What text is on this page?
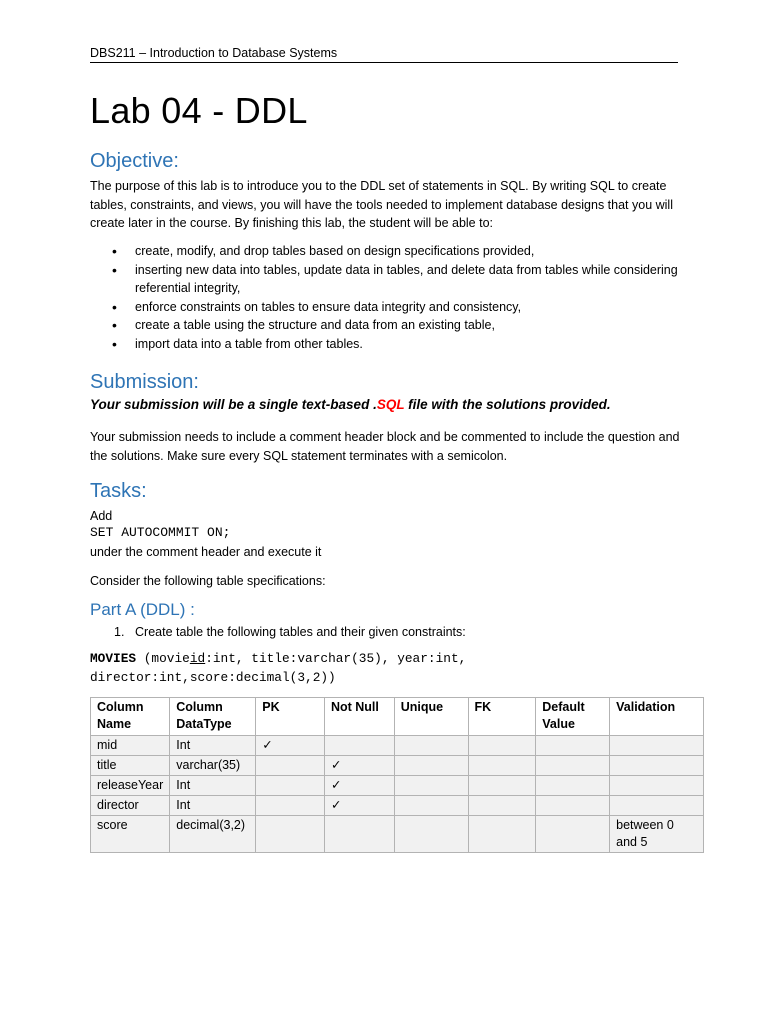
DBS211 – Introduction to Database Systems
Lab 04 - DDL
Objective:

The purpose of this lab is to introduce you to the DDL set of statements in SQL. By writing SQL to create tables, constraints, and views, you will have the tools needed to implement database designs that you will create later in the course. By finishing this lab, the student will be able to:

• create, modify, and drop tables based on design specifications provided,
• inserting new data into tables, update data in tables, and delete data from tables while considering referential integrity,
• enforce constraints on tables to ensure data integrity and consistency,
• create a table using the structure and data from an existing table,
• import data into a table from other tables.
Submission:

Your submission will be a single text-based .SQL file with the solutions provided.

Your submission needs to include a comment header block and be commented to include the question and the solutions. Make sure every SQL statement terminates with a semicolon.

Tasks:

Add

SET AUTOCOMMIT ON;

under the comment header and execute it

Consider the following table specifications:

Part A (DDL) :
1. Create table the following tables and their given constraints:

MOVIES (movieid:int, title:varchar(35), year:int,
director:int,score:decimal(3,2))

Column Name	Column DataType	PK	Not Null	Unique	FK	Default Value	Validation
mid	Int	✓					
title	varchar(35)		✓				
releaseYear	Int		✓				
director	Int		✓				
score	decimal(3,2)						between 0 and 5
